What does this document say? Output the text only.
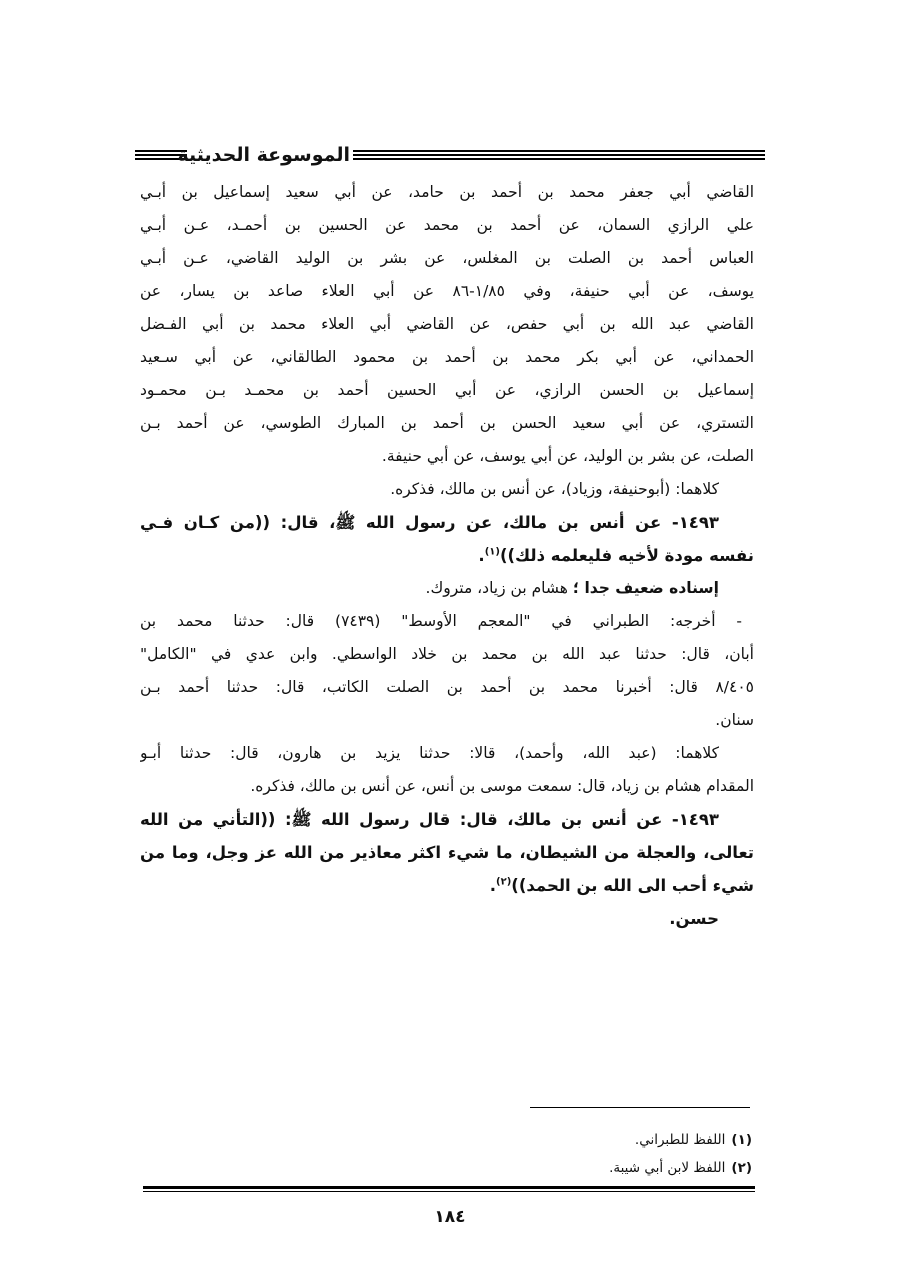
الموسوعة الحديثية
القاضي أبي جعفر محمد بن أحمد بن حامد، عن أبي سعيد إسماعيل بن أبـي
علي الرازي السمان، عن أحمد بن محمد عن الحسين بن أحمـد، عـن أبـي
العباس أحمد بن الصلت بن المغلس، عن بشر بن الوليد القاضي، عـن أبـي
يوسف، عن أبي حنيفة، وفي ١/٨٥-٨٦ عن أبي العلاء صاعد بن يسار، عن
القاضي عبد الله بن أبي حفص، عن القاضي أبي العلاء محمد بن أبي الفـضل
الحمداني، عن أبي بكر محمد بن أحمد بن محمود الطالقاني، عن أبي سـعيد
إسماعيل بن الحسن الرازي، عن أبي الحسين أحمد بن محمـد بـن محمـود
التستري، عن أبي سعيد الحسن بن أحمد بن المبارك الطوسي، عن أحمد بـن
الصلت، عن بشر بن الوليد، عن أبي يوسف، عن أبي حنيفة.
كلاهما: (أبوحنيفة، وزياد)، عن أنس بن مالك، فذكره.
١٤٩٣- عن أنس بن مالك، عن رسول الله ﷺ، قال: ((من كـان فـي
نفسه مودة لأخيه فليعلمه ذلك))$^{(١)}$.
إسناده ضعيف جدا ؛ هشام بن زياد، متروك.
- أخرجه: الطبراني في "المعجم الأوسط" (٧٤٣٩) قال: حدثنا محمد بن
أبان، قال: حدثنا عبد الله بن محمد بن خلاد الواسطي. وابن عدي في "الكامل"
٨/٤٠٥ قال: أخبرنا محمد بن أحمد بن الصلت الكاتب، قال: حدثنا أحمد بـن
سنان.
كلاهما: (عبد الله، وأحمد)، قالا: حدثنا يزيد بن هارون، قال: حدثنا أبـو
المقدام هشام بن زياد، قال: سمعت موسى بن أنس، عن أنس بن مالك، فذكره.
١٤٩٣- عن أنس بن مالك، قال: قال رسول الله ﷺ: ((التأني من الله
تعالى، والعجلة من الشيطان، ما شيء اكثر معاذير من الله عز وجل، وما من
شيء أحب الى الله بن الحمد))$^{(٢)}$.
حسن.
(١)اللفظ للطبراني.
(٢)اللفظ لابن أبي شيبة.
١٨٤
